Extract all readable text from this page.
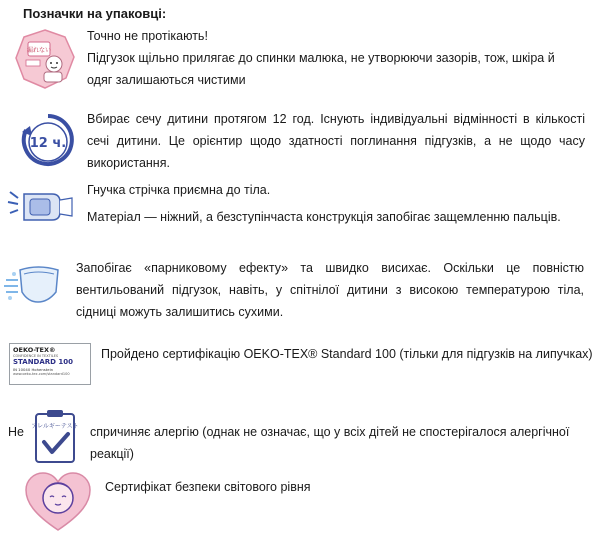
Позначки на упаковці:
漏れない
Точно не протікають!
Підгузок щільно прилягає до спинки малюка, не утворюючи зазорів, тож, шкіра й одяг залишаються чистими
12 ч.
Вбирає сечу дитини протягом 12 год. Існують індивідуальні відмінності в кількості сечі дитини. Це орієнтир щодо здатності поглинання підгузків, а не щодо часу використання.
Гнучка стрічка приємна до тіла.
Матеріал — ніжний, а безступінчаста конструкція запобігає защемленню пальців.
Запобігає «парниковому ефекту» та швидко висихає. Оскільки це повністю вентильований підгузок, навіть, у спітнілої дитини з високою температурою тіла, сідниці можуть залишитись сухими.
OEKO-TEX®
CONFIDENCE IN TEXTILES
STANDARD 100
IN 10040 Hohenstein
www.oeko-tex.com/standard100
Пройдено сертифікацію OEKO-TEX® Standard 100 (тільки для підгузків на липучках)
Не アレルギーテスト спричиняє алергію (однак не означає, що у всіх дітей не спостерігалося алергічної реакції)
Сертифікат безпеки світового рівня
